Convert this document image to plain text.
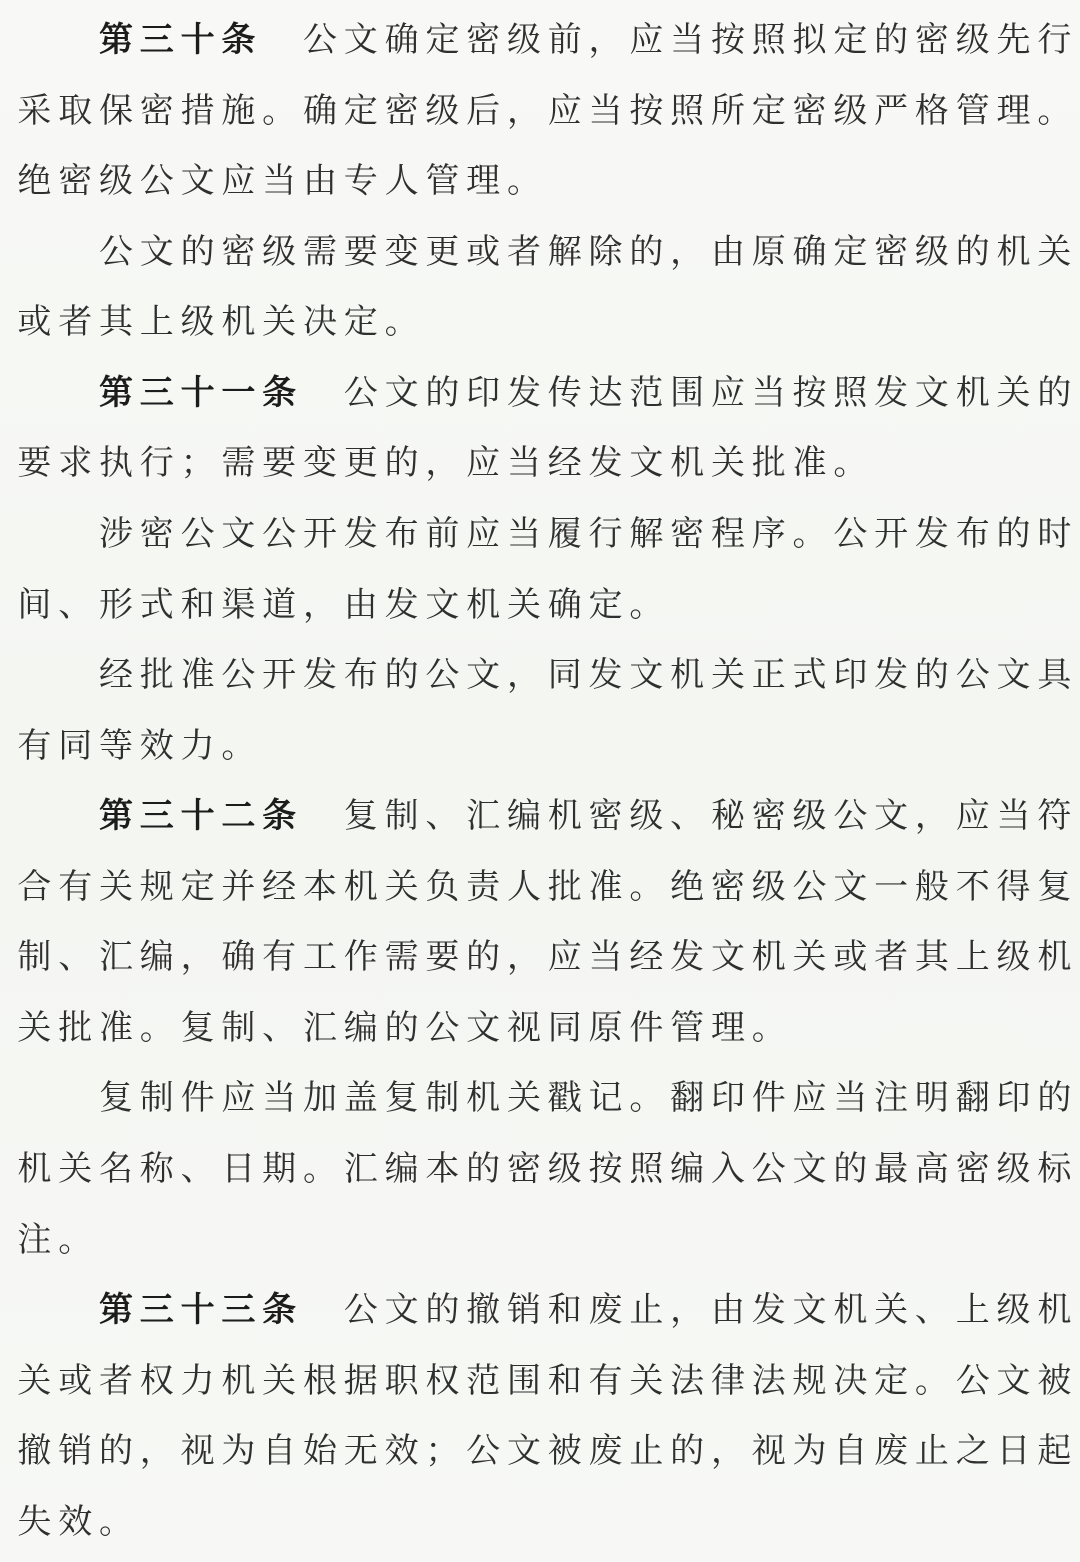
第 三 十 条 公 文 确 定 密 级 前 ， 应 当 按 照 拟 定 的 密 级 先 行
采 取 保 密 措 施 。 确 定 密 级 后 ， 应 当 按 照 所 定 密 级 严 格 管 理 。
绝 密 级 公 文 应 当 由 专 人 管 理 。
公 文 的 密 级 需 要 变 更 或 者 解 除 的 ， 由 原 确 定 密 级 的 机 关
或 者 其 上 级 机 关 决 定 。
第 三 十 一 条 公 文 的 印 发 传 达 范 围 应 当 按 照 发 文 机 关 的
要 求 执 行 ； 需 要 变 更 的 ， 应 当 经 发 文 机 关 批 准 。
涉 密 公 文 公 开 发 布 前 应 当 履 行 解 密 程 序 。 公 开 发 布 的 时
间 、 形 式 和 渠 道 ， 由 发 文 机 关 确 定 。
经 批 准 公 开 发 布 的 公 文 ， 同 发 文 机 关 正 式 印 发 的 公 文 具
有 同 等 效 力 。
第 三 十 二 条 复 制 、 汇 编 机 密 级 、 秘 密 级 公 文 ， 应 当 符
合 有 关 规 定 并 经 本 机 关 负 责 人 批 准 。 绝 密 级 公 文 一 般 不 得 复
制 、 汇 编 ， 确 有 工 作 需 要 的 ， 应 当 经 发 文 机 关 或 者 其 上 级 机
关 批 准 。 复 制 、 汇 编 的 公 文 视 同 原 件 管 理 。
复 制 件 应 当 加 盖 复 制 机 关 戳 记 。 翻 印 件 应 当 注 明 翻 印 的
机 关 名 称 、 日 期 。 汇 编 本 的 密 级 按 照 编 入 公 文 的 最 高 密 级 标
注 。
第 三 十 三 条 公 文 的 撤 销 和 废 止 ， 由 发 文 机 关 、 上 级 机
关 或 者 权 力 机 关 根 据 职 权 范 围 和 有 关 法 律 法 规 决 定 。 公 文 被
撤 销 的 ， 视 为 自 始 无 效 ； 公 文 被 废 止 的 ， 视 为 自 废 止 之 日 起
失 效 。
